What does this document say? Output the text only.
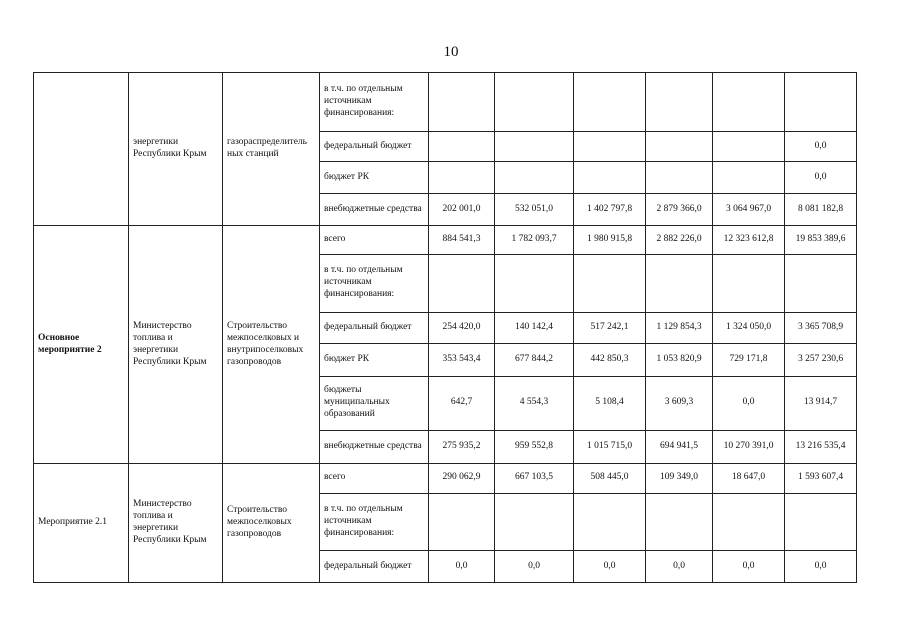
10
	энергетики Республики Крым	газораспределитель ных станций	в т.ч. по отдельным источникам финансирования:						
			федеральный бюджет						0,0
			бюджет РК						0,0
			внебюджетные средства	202 001,0	532 051,0	1 402 797,8	2 879 366,0	3 064 967,0	8 081 182,8
Основное мероприятие 2	Министерство топлива и энергетики Республики Крым	Строительство межпоселковых и внутрипоселковых газопроводов	всего	884 541,3	1 782 093,7	1 980 915,8	2 882 226,0	12 323 612,8	19 853 389,6
			в т.ч. по отдельным источникам финансирования:						
			федеральный бюджет	254 420,0	140 142,4	517 242,1	1 129 854,3	1 324 050,0	3 365 708,9
			бюджет РК	353 543,4	677 844,2	442 850,3	1 053 820,9	729 171,8	3 257 230,6
			бюджеты муниципальных образований	642,7	4 554,3	5 108,4	3 609,3	0,0	13 914,7
			внебюджетные средства	275 935,2	959 552,8	1 015 715,0	694 941,5	10 270 391,0	13 216 535,4
Мероприятие 2.1	Министерство топлива и энергетики Республики Крым	Строительство межпоселковых газопроводов	всего	290 062,9	667 103,5	508 445,0	109 349,0	18 647,0	1 593 607,4
			в т.ч. по отдельным источникам финансирования:						
			федеральный бюджет	0,0	0,0	0,0	0,0	0,0	0,0
